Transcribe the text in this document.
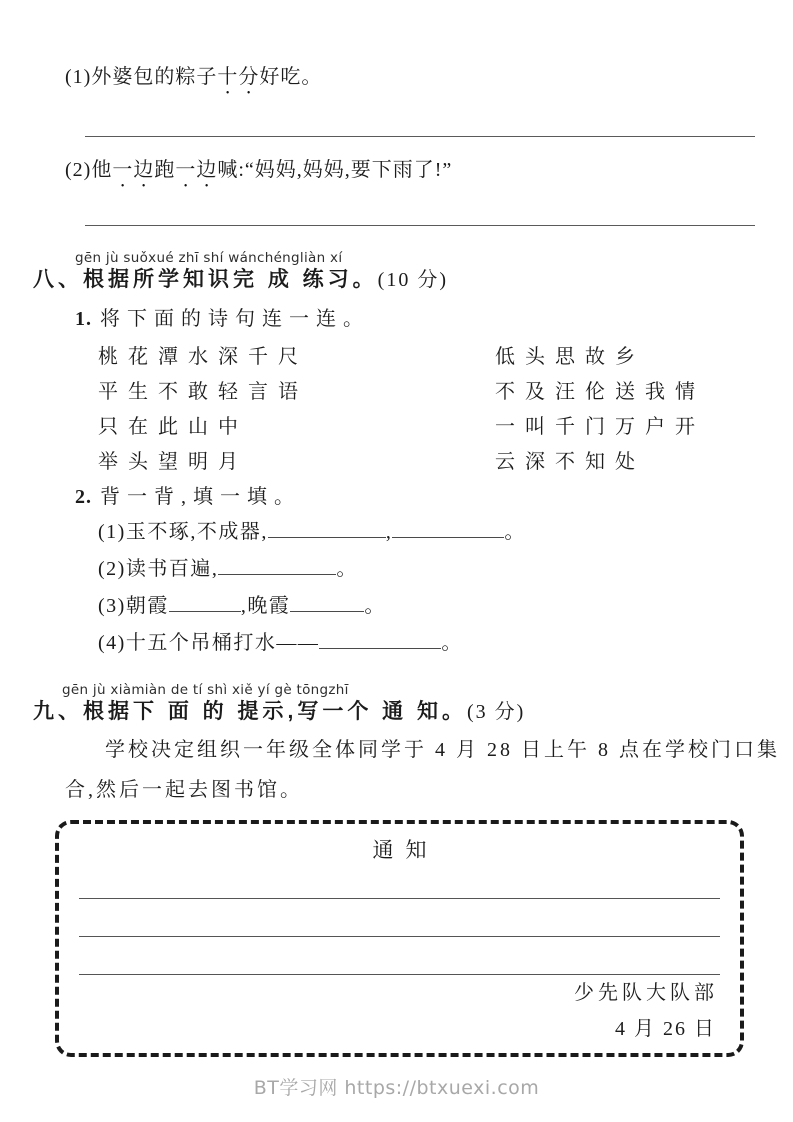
(1)外婆包的粽子十分好吃。
(2)他一边跑一边喊:“妈妈,妈妈,要下雨了!”
gēn jù suǒxué zhī shí wánchéngliàn xí
八、根据所学知识完 成 练习。(10 分)
1. 将下面的诗句连一连。
桃花潭水深千尺
平生不敢轻言语
只在此山中
举头望明月
低头思故乡
不及汪伦送我情
一叫千门万户开
云深不知处
2. 背一背,填一填。
(1)玉不琢,不成器,	,	。
(2)读书百遍,	。
(3)朝霞	,晚霞	。
(4)十五个吊桶打水——	。
gēn jù xiàmiàn de tí shì xiě yí gè tōngzhī
九、根据下 面 的 提示,写一个 通 知。(3 分)
学校决定组织一年级全体同学于 4 月 28 日上午 8 点在学校门口集
合,然后一起去图书馆。
通知
少先队大队部
4 月 26 日
BT学习网 https://btxuexi.com
